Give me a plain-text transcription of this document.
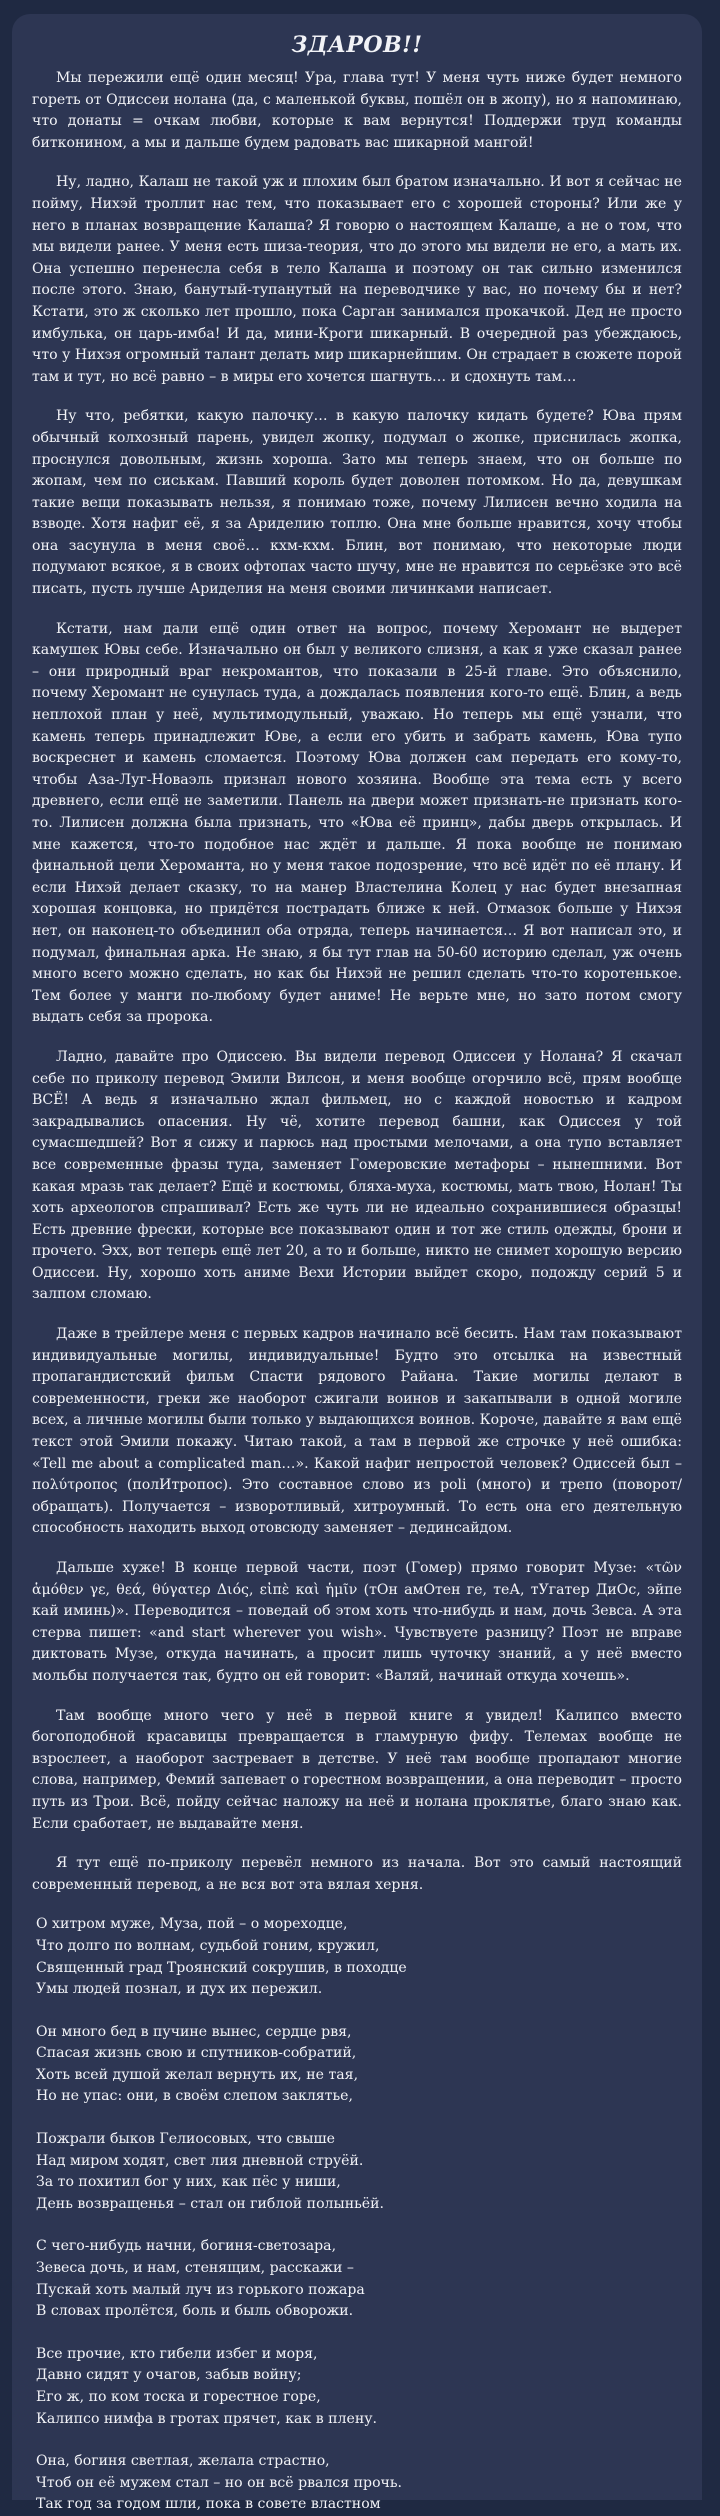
ЗДАРОВ!!

Мы пережили ещё один месяц! Ура, глава тут! У меня чуть ниже будет немного гореть от Одиссеи нолана (да, с маленькой буквы, пошёл он в жопу), но я напоминаю, что донаты = очкам любви, которые к вам вернутся! Поддержи труд команды битконином, а мы и дальше будем радовать вас шикарной мангой!

Ну, ладно, Калаш не такой уж и плохим был братом изначально. И вот я сейчас не пойму, Нихэй троллит нас тем, что показывает его с хорошей стороны? Или же у него в планах возвращение Калаша? Я говорю о настоящем Калаше, а не о том, что мы видели ранее. У меня есть шиза-теория, что до этого мы видели не его, а мать их. Она успешно перенесла себя в тело Калаша и поэтому он так сильно изменился после этого. Знаю, банутый-тупанутый на переводчике у вас, но почему бы и нет? Кстати, это ж сколько лет прошло, пока Сарган занимался прокачкой. Дед не просто имбулька, он царь-имба! И да, мини-Кроги шикарный. В очередной раз убеждаюсь, что у Нихэя огромный талант делать мир шикарнейшим. Он страдает в сюжете порой там и тут, но всё равно – в миры его хочется шагнуть… и сдохнуть там…

Ну что, ребятки, какую палочку… в какую палочку кидать будете? Юва прям обычный колхозный парень, увидел жопку, подумал о жопке, приснилась жопка, проснулся довольным, жизнь хороша. Зато мы теперь знаем, что он больше по жопам, чем по сиськам. Павший король будет доволен потомком. Но да, девушкам такие вещи показывать нельзя, я понимаю тоже, почему Лилисен вечно ходила на взводе. Хотя нафиг её, я за Ариделию топлю. Она мне больше нравится, хочу чтобы она засунула в меня своё… кхм-кхм. Блин, вот понимаю, что некоторые люди подумают всякое, я в своих офтопах часто шучу, мне не нравится по серьёзке это всё писать, пусть лучше Ариделия на меня своими личинками написает.

Кстати, нам дали ещё один ответ на вопрос, почему Херомант не выдерет камушек Ювы себе. Изначально он был у великого слизня, а как я уже сказал ранее – они природный враг некромантов, что показали в 25-й главе. Это объяснило, почему Херомант не сунулась туда, а дождалась появления кого-то ещё. Блин, а ведь неплохой план у неё, мультимодульный, уважаю. Но теперь мы ещё узнали, что камень теперь принадлежит Юве, а если его убить и забрать камень, Юва тупо воскреснет и камень сломается. Поэтому Юва должен сам передать его кому-то, чтобы Аза-Луг-Новаэль признал нового хозяина. Вообще эта тема есть у всего древнего, если ещё не заметили. Панель на двери может признать-не признать кого-то. Лилисен должна была признать, что «Юва её принц», дабы дверь открылась. И мне кажется, что-то подобное нас ждёт и дальше. Я пока вообще не понимаю финальной цели Херомантa, но у меня такое подозрение, что всё идёт по её плану. И если Нихэй делает сказку, то на манер Властелина Колец у нас будет внезапная хорошая концовка, но придётся пострадать ближе к ней. Отмазок больше у Нихэя нет, он наконец-то объединил оба отряда, теперь начинается… Я вот написал это, и подумал, финальная арка. Не знаю, я бы тут глав на 50-60 историю сделал, уж очень много всего можно сделать, но как бы Нихэй не решил сделать что-то коротенькое. Тем более у манги по-любому будет аниме! Не верьте мне, но зато потом смогу выдать себя за пророка.

Ладно, давайте про Одиссею. Вы видели перевод Одиссеи у Нолана? Я скачал себе по приколу перевод Эмили Вилсон, и меня вообще огорчило всё, прям вообще ВСЁ! А ведь я изначально ждал фильмец, но с каждой новостью и кадром закрадывались опасения. Ну чё, хотите перевод башни, как Одиссея у той сумасшедшей? Вот я сижу и парюсь над простыми мелочами, а она тупо вставляет все современные фразы туда, заменяет Гомеровские метафоры – нынешними. Вот какая мразь так делает? Ещё и костюмы, бляха-муха, костюмы, мать твою, Нолан! Ты хоть археологов спрашивал? Есть же чуть ли не идеально сохранившиеся образцы! Есть древние фрески, которые все показывают один и тот же стиль одежды, брони и прочего. Эхх, вот теперь ещё лет 20, а то и больше, никто не снимет хорошую версию Одиссеи. Ну, хорошо хоть аниме Вехи Истории выйдет скоро, подожду серий 5 и залпом сломаю.

Даже в трейлере меня с первых кадров начинало всё бесить. Нам там показывают индивидуальные могилы, индивидуальные! Будто это отсылка на известный пропагандистский фильм Спасти рядового Райана. Такие могилы делают в современности, греки же наоборот сжигали воинов и закапывали в одной могиле всех, а личные могилы были только у выдающихся воинов. Короче, давайте я вам ещё текст этой Эмили покажу. Читаю такой, а там в первой же строчке у неё ошибка: «Tell me about a complicated man…». Какой нафиг непростой человек? Одиссей был – πολύτροπος (полИтропос). Это составное слово из poli (много) и трепо (поворот/обращать). Получается – изворотливый, хитроумный. То есть она его деятельную способность находить выход отовсюду заменяет – дединсайдом.

Дальше хуже! В конце первой части, поэт (Гомер) прямо говорит Музе: «τῶν ἁμόθεν γε, θεά, θύγατερ Διός, εἰπὲ καὶ ἡμῖν (тОн амОтен ге, теА, тУгатер ДиОс, эйпе кай иминь)». Переводится – поведай об этом хоть что-нибудь и нам, дочь Зевса. А эта стерва пишет: «and start wherever you wish». Чувствуете разницу? Поэт не вправе диктовать Музе, откуда начинать, а просит лишь чуточку знаний, а у неё вместо мольбы получается так, будто он ей говорит: «Валяй, начинай откуда хочешь».

Там вообще много чего у неё в первой книге я увидел! Калипсо вместо богоподобной красавицы превращается в гламурную фифу. Телемах вообще не взрослеет, а наоборот застревает в детстве. У неё там вообще пропадают многие слова, например, Фемий запевает о горестном возвращении, а она переводит – просто путь из Трои. Всё, пойду сейчас наложу на неё и нолана проклятье, благо знаю как. Если сработает, не выдавайте меня.

Я тут ещё по-приколу перевёл немного из начала. Вот это самый настоящий современный перевод, а не вся вот эта вялая херня.

О хитром муже, Муза, пой – о мореходце,
Что долго по волнам, судьбой гоним, кружил,
Священный град Троянский сокрушив, в походце
Умы людей познал, и дух их пережил.
Он много бед в пучине вынес, сердце рвя,
Спасая жизнь свою и спутников-собратий,
Хоть всей душой желал вернуть их, не тая,
Но не упас: они, в своём слепом заклятье,
Пожрали быков Гелиосовых, что свыше
Над миром ходят, свет лия дневной струёй.
За то похитил бог у них, как пёс у ниши,
День возвращенья – стал он гиблой полыньёй.
С чего-нибудь начни, богиня-светозара,
Зевеса дочь, и нам, стенящим, расскажи –
Пускай хоть малый луч из горького пожара
В словах пролётся, боль и быль обворожи.
Все прочие, кто гибели избег и моря,
Давно сидят у очагов, забыв войну;
Его ж, по ком тоска и горестное горе,
Калипсо нимфа в гротах прячет, как в плену.
Она, богиня светлая, желала страстно,
Чтоб он её мужем стал – но он всё рвался прочь.
Так год за годом шли, пока в совете властном
